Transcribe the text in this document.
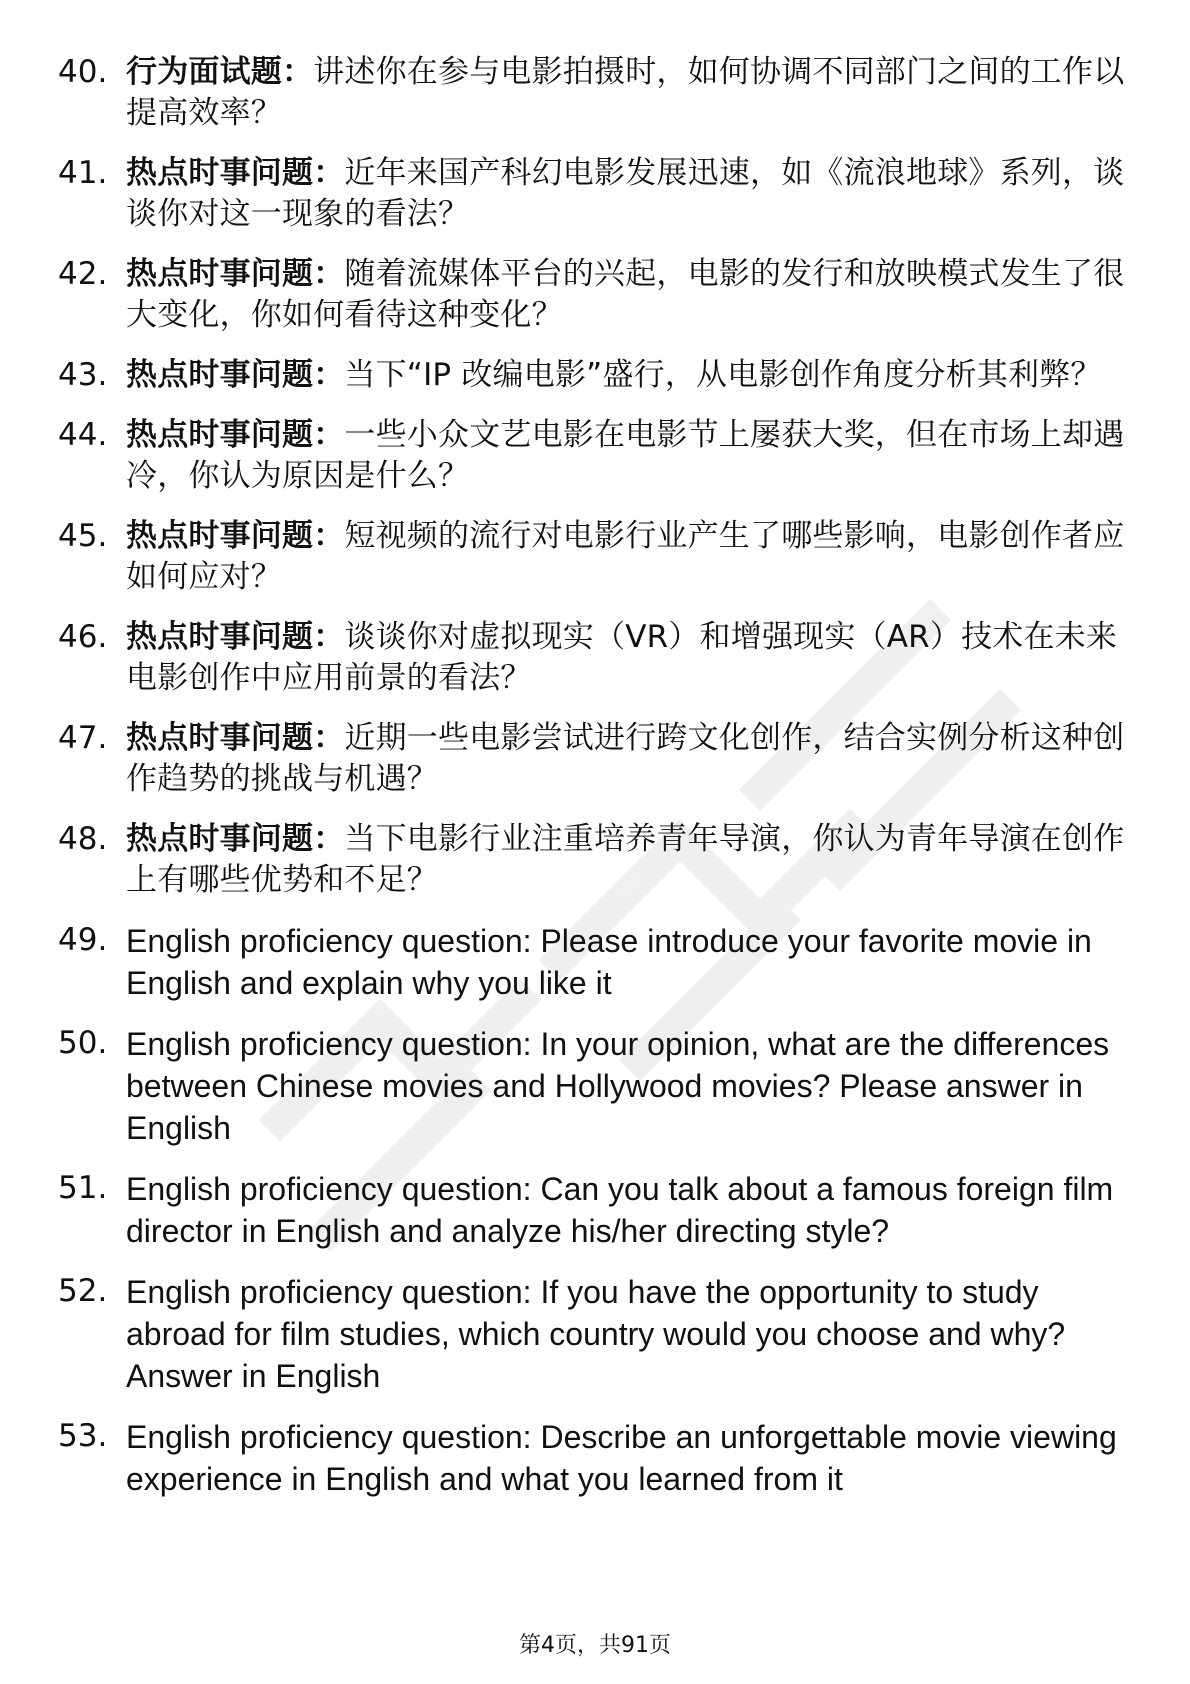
40. 行为面试题：讲述你在参与电影拍摄时，如何协调不同部门之间的工作以提高效率？
41. 热点时事问题：近年来国产科幻电影发展迅速，如《流浪地球》系列，谈谈你对这一现象的看法？
42. 热点时事问题：随着流媒体平台的兴起，电影的发行和放映模式发生了很大变化，你如何看待这种变化？
43. 热点时事问题：当下“IP 改编电影”盛行，从电影创作角度分析其利弊？
44. 热点时事问题：一些小众文艺电影在电影节上屡获大奖，但在市场上却遇冷，你认为原因是什么？
45. 热点时事问题：短视频的流行对电影行业产生了哪些影响，电影创作者应如何应对？
46. 热点时事问题：谈谈你对虚拟现实（VR）和增强现实（AR）技术在未来电影创作中应用前景的看法？
47. 热点时事问题：近期一些电影尝试进行跨文化创作，结合实例分析这种创作趋势的挑战与机遇？
48. 热点时事问题：当下电影行业注重培养青年导演，你认为青年导演在创作上有哪些优势和不足？
49. English proficiency question: Please introduce your favorite movie in English and explain why you like it
50. English proficiency question: In your opinion, what are the differences between Chinese movies and Hollywood movies? Please answer in English
51. English proficiency question: Can you talk about a famous foreign film director in English and analyze his/her directing style?
52. English proficiency question: If you have the opportunity to study abroad for film studies, which country would you choose and why? Answer in English
53. English proficiency question: Describe an unforgettable movie viewing experience in English and what you learned from it
第4页，共91页
